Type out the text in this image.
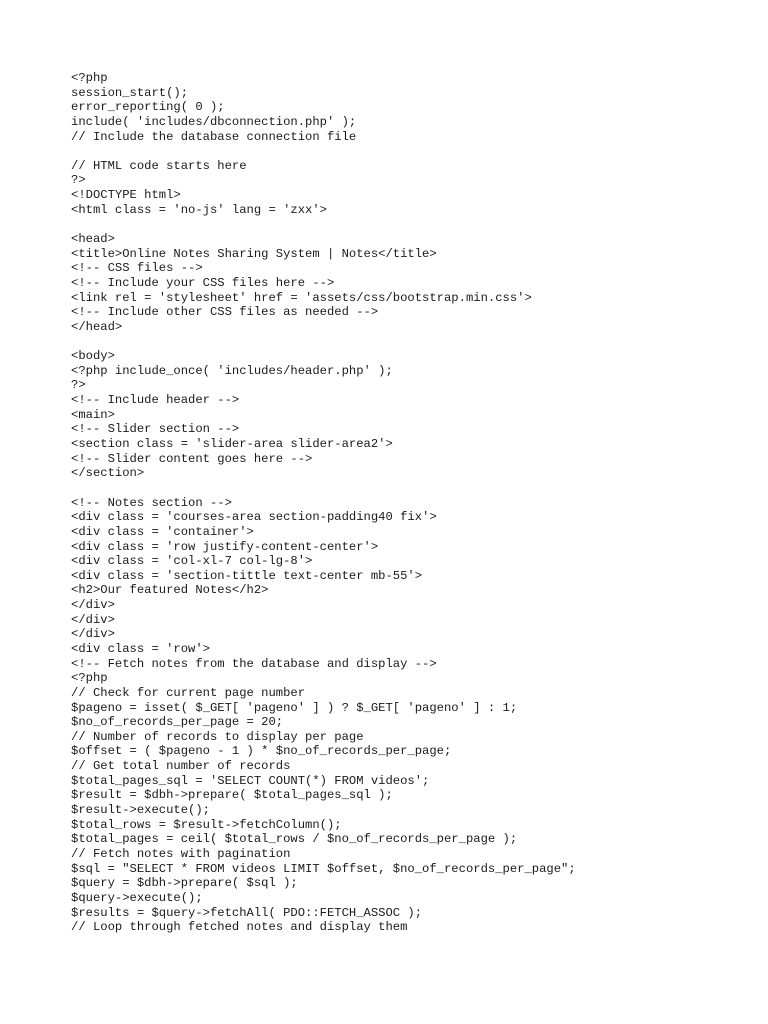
<?php
session_start();
error_reporting( 0 );
include( 'includes/dbconnection.php' );
// Include the database connection file
// HTML code starts here
?>
<!DOCTYPE html>
<html class = 'no-js' lang = 'zxx'>
<head>
<title>Online Notes Sharing System | Notes</title>
<!-- CSS files -->
<!-- Include your CSS files here -->
<link rel = 'stylesheet' href = 'assets/css/bootstrap.min.css'>
<!-- Include other CSS files as needed -->
</head>
<body>
<?php include_once( 'includes/header.php' );
?>
<!-- Include header -->
<main>
<!-- Slider section -->
<section class = 'slider-area slider-area2'>
<!-- Slider content goes here -->
</section>
<!-- Notes section -->
<div class = 'courses-area section-padding40 fix'>
<div class = 'container'>
<div class = 'row justify-content-center'>
<div class = 'col-xl-7 col-lg-8'>
<div class = 'section-tittle text-center mb-55'>
<h2>Our featured Notes</h2>
</div>
</div>
</div>
<div class = 'row'>
<!-- Fetch notes from the database and display -->
<?php
// Check for current page number
$pageno = isset( $_GET[ 'pageno' ] ) ? $_GET[ 'pageno' ] : 1;
$no_of_records_per_page = 20;
// Number of records to display per page
$offset = ( $pageno - 1 ) * $no_of_records_per_page;
// Get total number of records
$total_pages_sql = 'SELECT COUNT(*) FROM videos';
$result = $dbh->prepare( $total_pages_sql );
$result->execute();
$total_rows = $result->fetchColumn();
$total_pages = ceil( $total_rows / $no_of_records_per_page );
// Fetch notes with pagination
$sql = "SELECT * FROM videos LIMIT $offset, $no_of_records_per_page";
$query = $dbh->prepare( $sql );
$query->execute();
$results = $query->fetchAll( PDO::FETCH_ASSOC );
// Loop through fetched notes and display them
